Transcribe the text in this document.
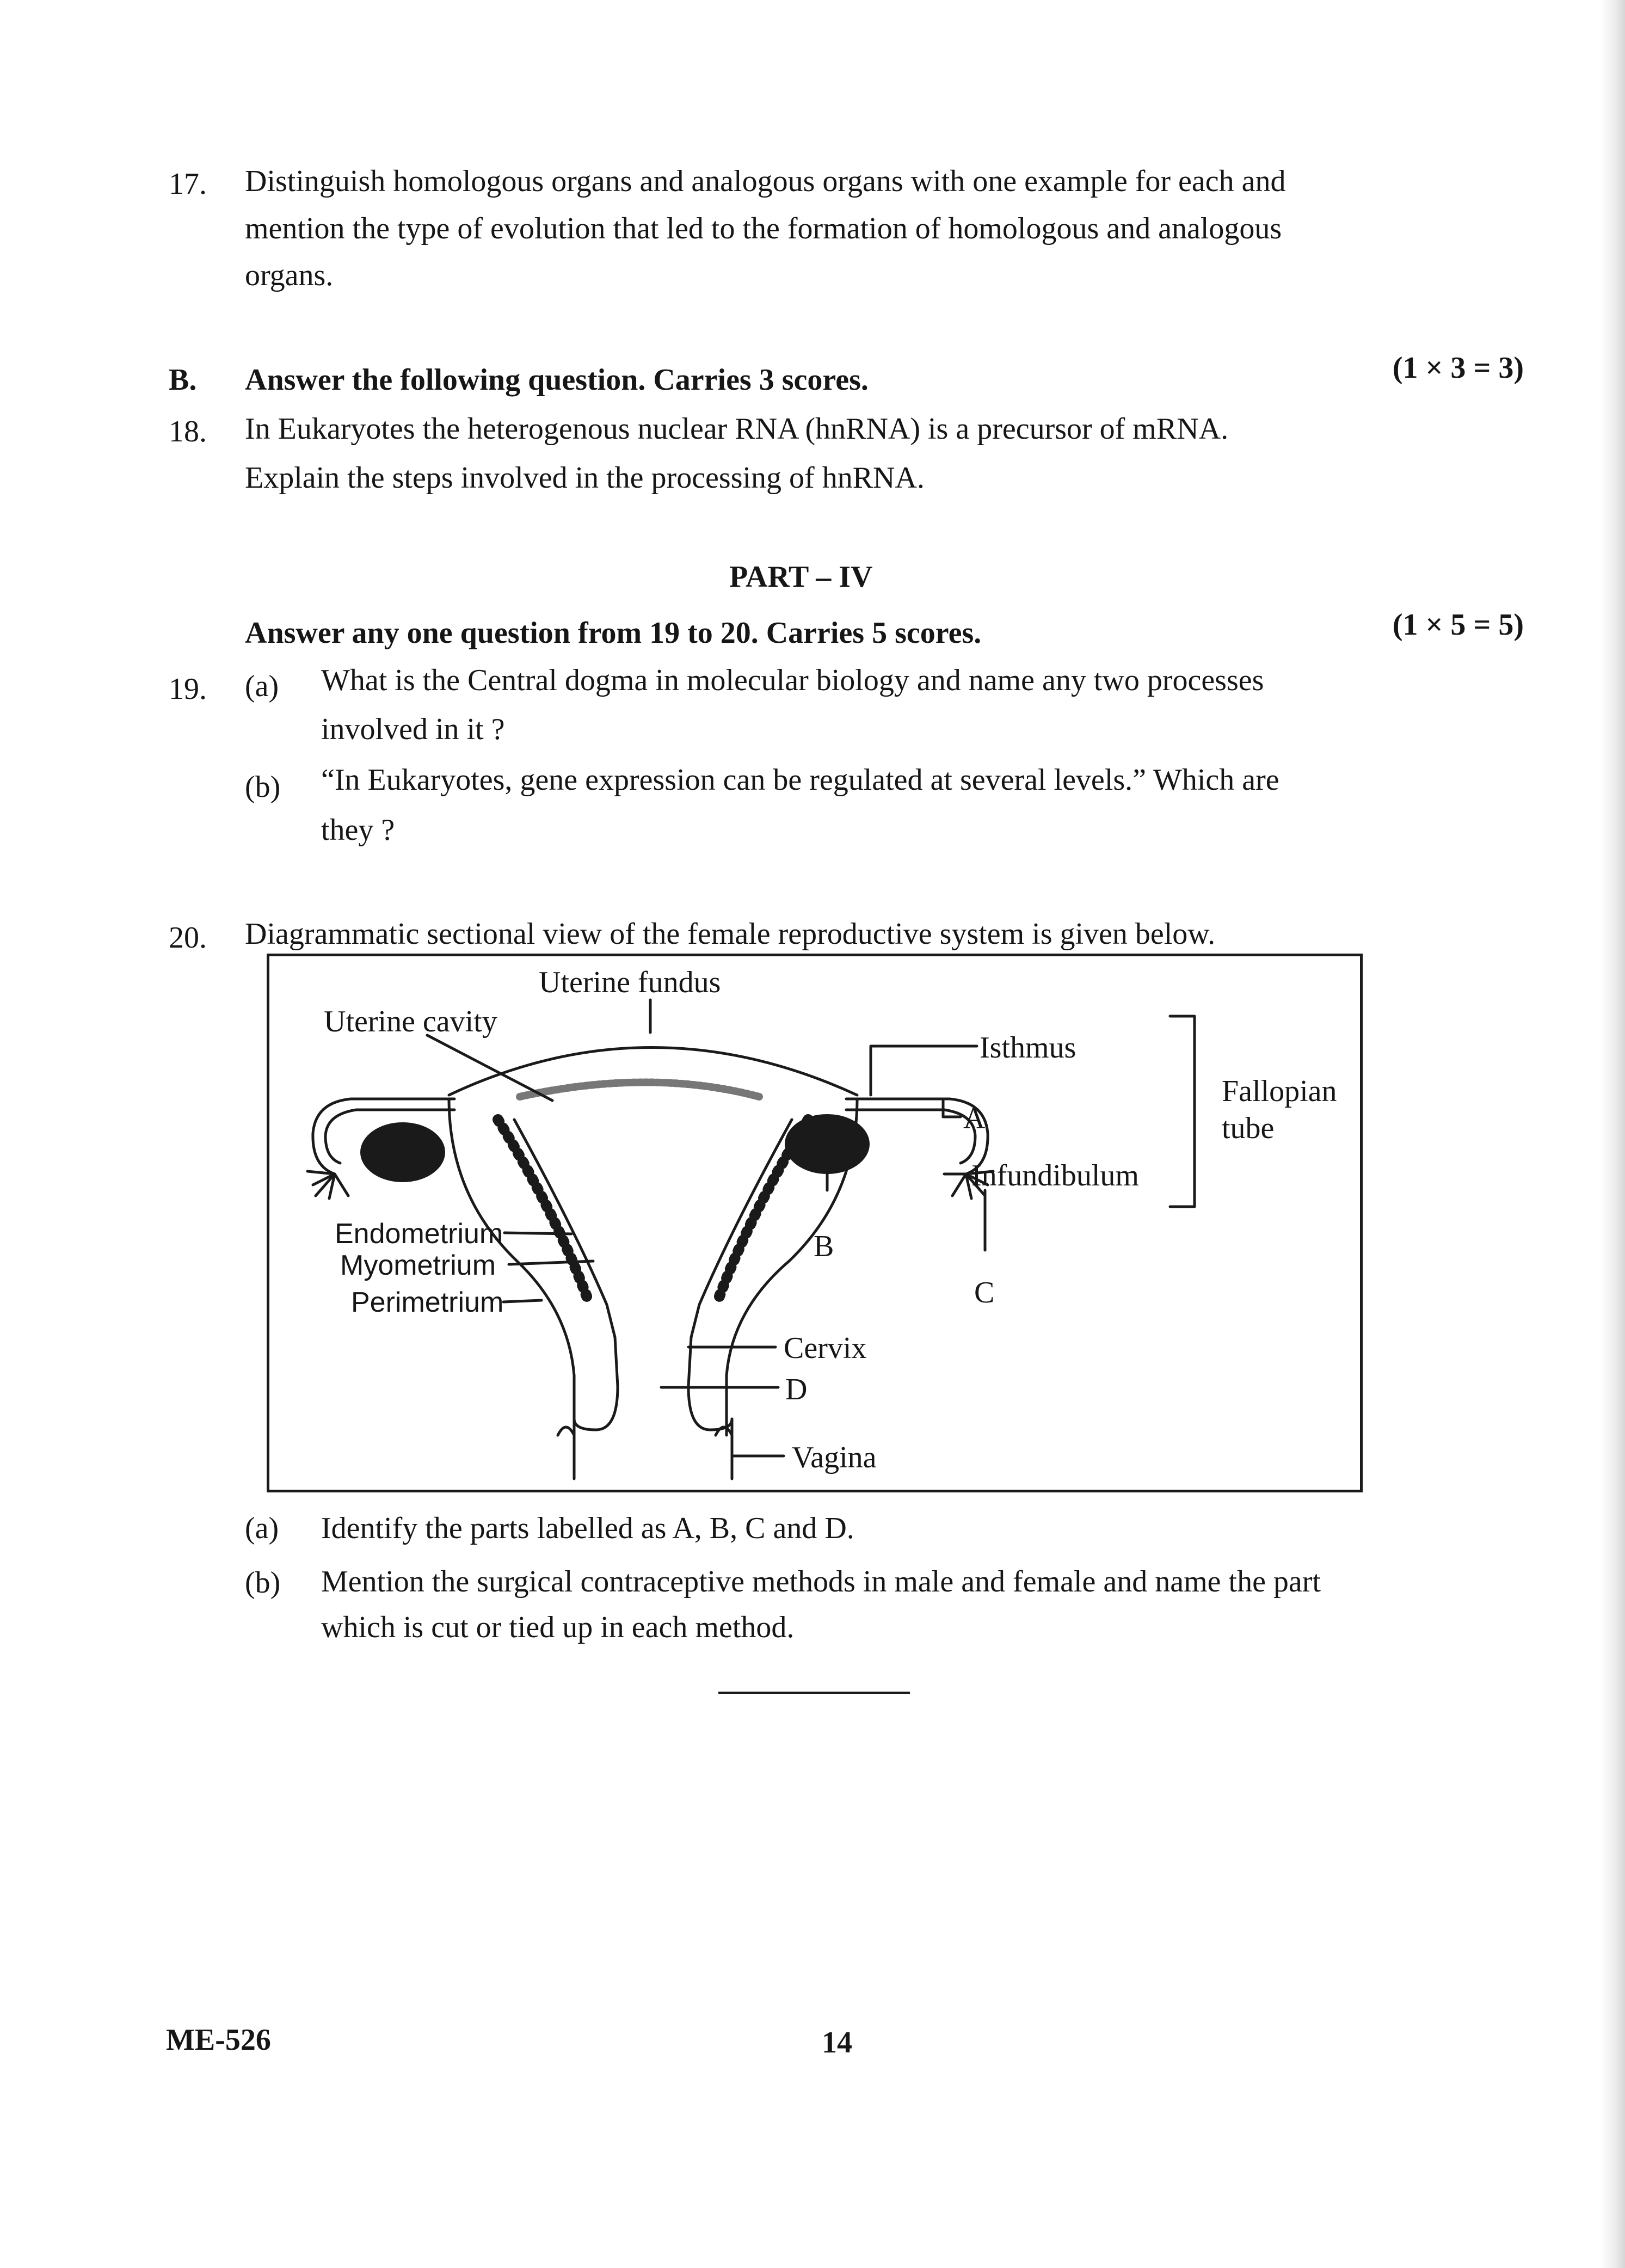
17. Distinguish homologous organs and analogous organs with one example for each and
mention the type of evolution that led to the formation of homologous and analogous
organs.
B. Answer the following question. Carries 3 scores.	(1 × 3 = 3)
18. In Eukaryotes the heterogenous nuclear RNA (hnRNA) is a precursor of mRNA.
Explain the steps involved in the processing of hnRNA.
PART – IV
Answer any one question from 19 to 20. Carries 5 scores.	(1 × 5 = 5)
19. (a) What is the Central dogma in molecular biology and name any two processes
involved in it ?
(b) “In Eukaryotes, gene expression can be regulated at several levels.” Which are
they ?
20. Diagrammatic sectional view of the female reproductive system is given below.
Uterine fundus
Uterine cavity
Isthmus
Fallopian
tube
A
Infundibulum
B
C
Endometrium
Myometrium
Perimetrium
Cervix
D
Vagina
(a) Identify the parts labelled as A, B, C and D.
(b) Mention the surgical contraceptive methods in male and female and name the part
which is cut or tied up in each method.
ME-526	14
